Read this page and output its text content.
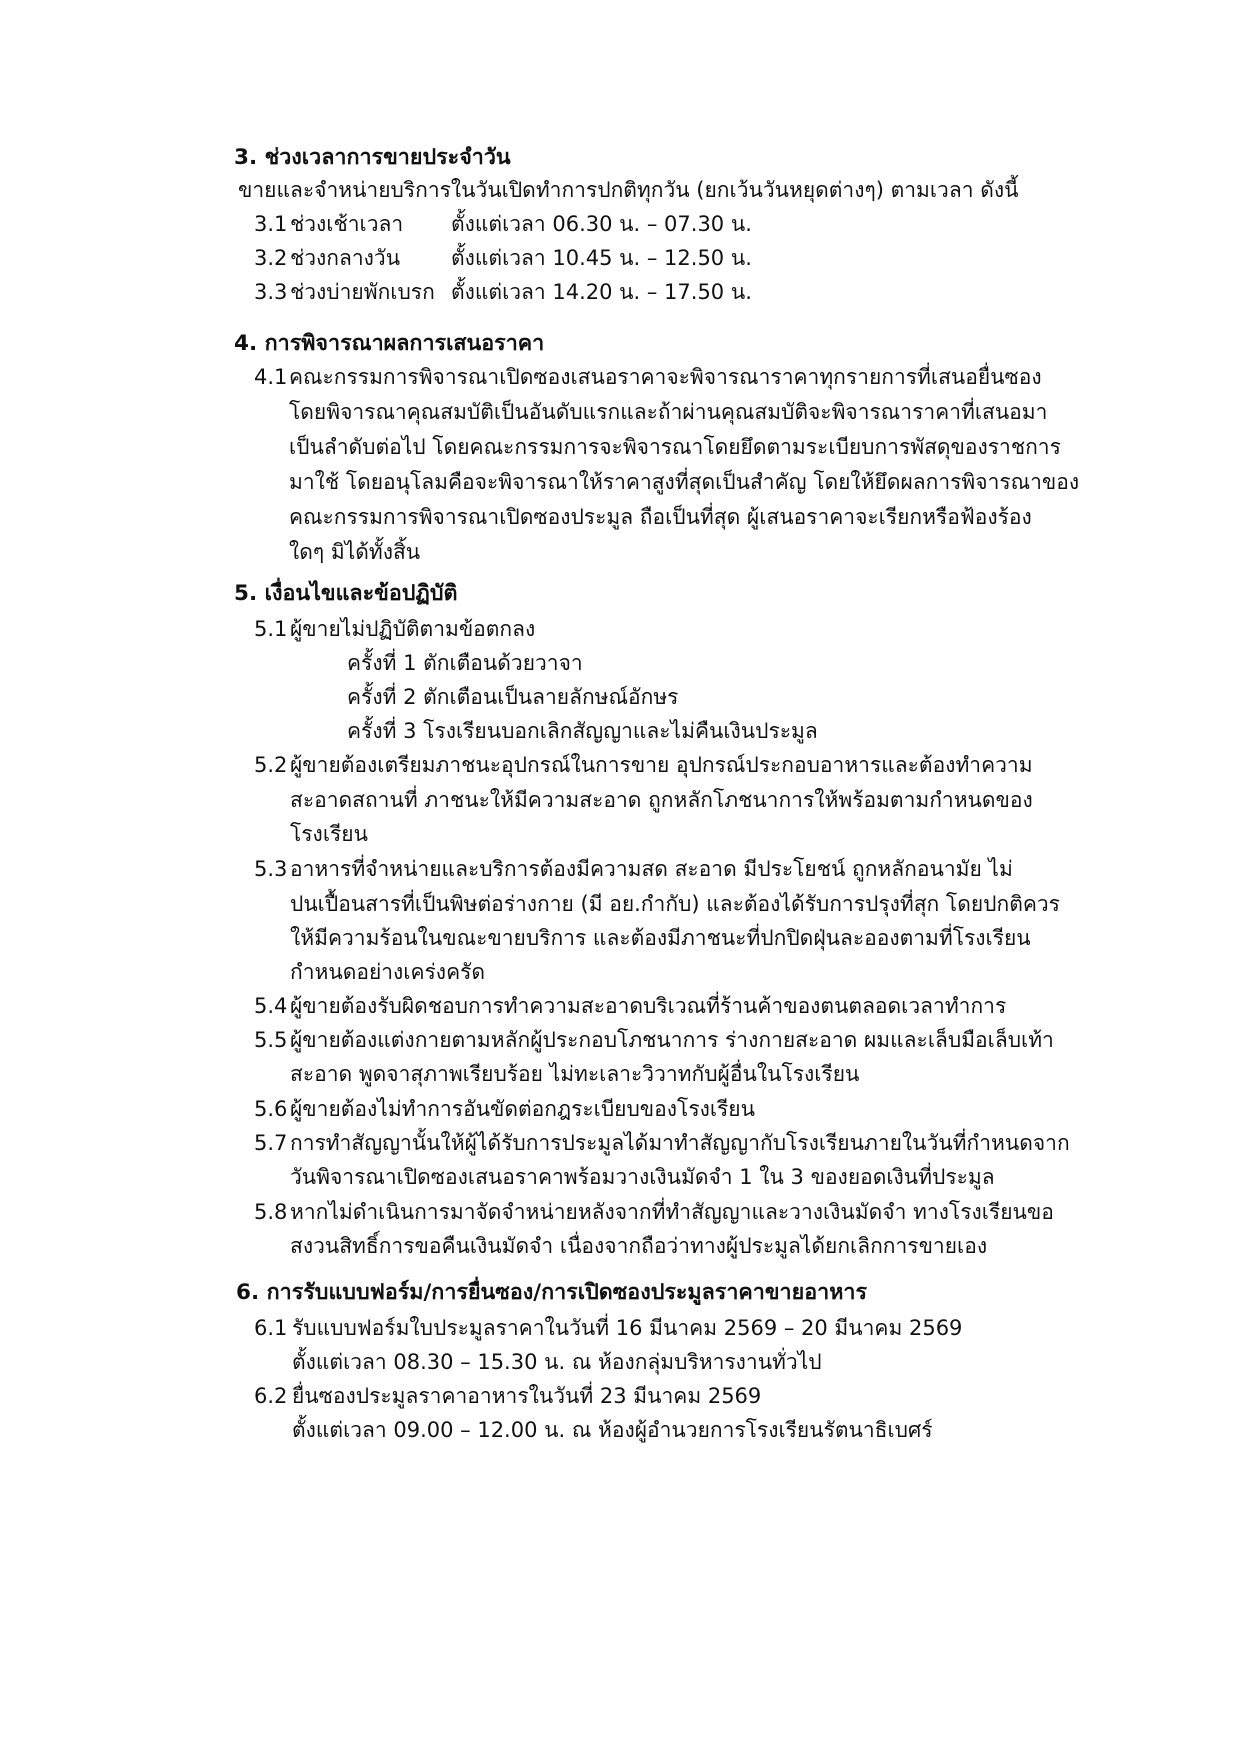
3. ช่วงเวลาการขายประจำวัน
ขายและจำหน่ายบริการในวันเปิดทำการปกติทุกวัน (ยกเว้นวันหยุดต่างๆ) ตามเวลา ดังนี้
3.1 ช่วงเช้าเวลา ตั้งแต่เวลา 06.30 น. – 07.30 น.
3.2 ช่วงกลางวัน ตั้งแต่เวลา 10.45 น. – 12.50 น.
3.3 ช่วงบ่ายพักเบรก ตั้งแต่เวลา 14.20 น. – 17.50 น.
4. การพิจารณาผลการเสนอราคา
4.1 คณะกรรมการพิจารณาเปิดซองเสนอราคาจะพิจารณาราคาทุกรายการที่เสนอยื่นซอง
โดยพิจารณาคุณสมบัติเป็นอันดับแรกและถ้าผ่านคุณสมบัติจะพิจารณาราคาที่เสนอมา
เป็นลำดับต่อไป โดยคณะกรรมการจะพิจารณาโดยยึดตามระเบียบการพัสดุของราชการ
มาใช้ โดยอนุโลมคือจะพิจารณาให้ราคาสูงที่สุดเป็นสำคัญ โดยให้ยึดผลการพิจารณาของ
คณะกรรมการพิจารณาเปิดซองประมูล ถือเป็นที่สุด ผู้เสนอราคาจะเรียกหรือฟ้องร้อง
ใดๆ มิได้ทั้งสิ้น
5. เงื่อนไขและข้อปฏิบัติ
5.1 ผู้ขายไม่ปฏิบัติตามข้อตกลง
ครั้งที่ 1 ตักเตือนด้วยวาจา
ครั้งที่ 2 ตักเตือนเป็นลายลักษณ์อักษร
ครั้งที่ 3 โรงเรียนบอกเลิกสัญญาและไม่คืนเงินประมูล
5.2 ผู้ขายต้องเตรียมภาชนะอุปกรณ์ในการขาย อุปกรณ์ประกอบอาหารและต้องทำความ
สะอาดสถานที่ ภาชนะให้มีความสะอาด ถูกหลักโภชนาการให้พร้อมตามกำหนดของ
โรงเรียน
5.3 อาหารที่จำหน่ายและบริการต้องมีความสด สะอาด มีประโยชน์ ถูกหลักอนามัย ไม่
ปนเปื้อนสารที่เป็นพิษต่อร่างกาย (มี อย.กำกับ) และต้องได้รับการปรุงที่สุก โดยปกติควร
ให้มีความร้อนในขณะขายบริการ และต้องมีภาชนะที่ปกปิดฝุ่นละอองตามที่โรงเรียน
กำหนดอย่างเคร่งครัด
5.4 ผู้ขายต้องรับผิดชอบการทำความสะอาดบริเวณที่ร้านค้าของตนตลอดเวลาทำการ
5.5 ผู้ขายต้องแต่งกายตามหลักผู้ประกอบโภชนาการ ร่างกายสะอาด ผมและเล็บมือเล็บเท้า
สะอาด พูดจาสุภาพเรียบร้อย ไม่ทะเลาะวิวาทกับผู้อื่นในโรงเรียน
5.6 ผู้ขายต้องไม่ทำการอันขัดต่อกฎระเบียบของโรงเรียน
5.7 การทำสัญญานั้นให้ผู้ได้รับการประมูลได้มาทำสัญญากับโรงเรียนภายในวันที่กำหนดจาก
วันพิจารณาเปิดซองเสนอราคาพร้อมวางเงินมัดจำ 1 ใน 3 ของยอดเงินที่ประมูล
5.8 หากไม่ดำเนินการมาจัดจำหน่ายหลังจากที่ทำสัญญาและวางเงินมัดจำ ทางโรงเรียนขอ
สงวนสิทธิ์การขอคืนเงินมัดจำ เนื่องจากถือว่าทางผู้ประมูลได้ยกเลิกการขายเอง
6. การรับแบบฟอร์ม/การยื่นซอง/การเปิดซองประมูลราคาขายอาหาร
6.1 รับแบบฟอร์มใบประมูลราคาในวันที่ 16 มีนาคม 2569 – 20 มีนาคม 2569
ตั้งแต่เวลา 08.30 – 15.30 น. ณ ห้องกลุ่มบริหารงานทั่วไป
6.2 ยื่นซองประมูลราคาอาหารในวันที่ 23 มีนาคม 2569
ตั้งแต่เวลา 09.00 – 12.00 น. ณ ห้องผู้อำนวยการโรงเรียนรัตนาธิเบศร์
